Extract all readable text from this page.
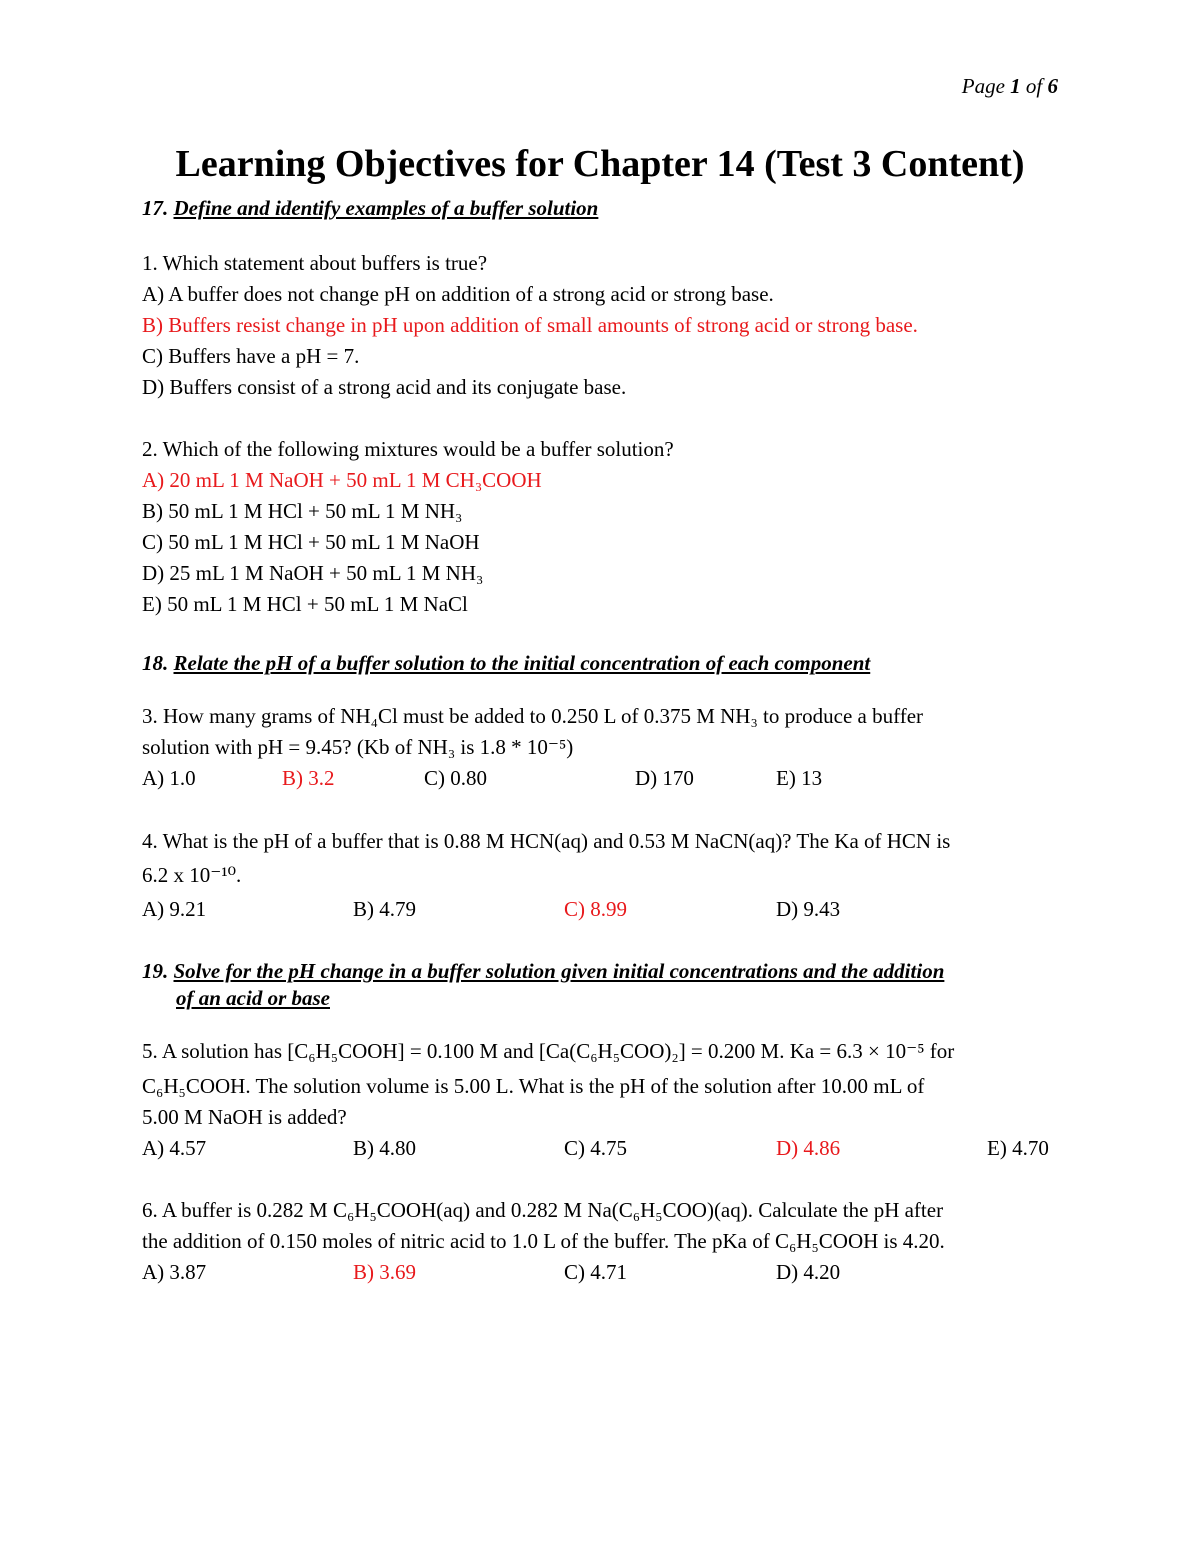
Page 1 of 6
Learning Objectives for Chapter 14 (Test 3 Content)
17. Define and identify examples of a buffer solution
1. Which statement about buffers is true?
A) A buffer does not change pH on addition of a strong acid or strong base.
B) Buffers resist change in pH upon addition of small amounts of strong acid or strong base.
C) Buffers have a pH = 7.
D) Buffers consist of a strong acid and its conjugate base.
2. Which of the following mixtures would be a buffer solution?
A) 20 mL 1 M NaOH + 50 mL 1 M CH₃COOH
B) 50 mL 1 M HCl + 50 mL 1 M NH₃
C) 50 mL 1 M HCl + 50 mL 1 M NaOH
D) 25 mL 1 M NaOH + 50 mL 1 M NH₃
E) 50 mL 1 M HCl + 50 mL 1 M NaCl
18. Relate the pH of a buffer solution to the initial concentration of each component
3. How many grams of NH₄Cl must be added to 0.250 L of 0.375 M NH₃ to produce a buffer
solution with pH = 9.45? (Kb of NH₃ is 1.8 * 10⁻⁵)
A) 1.0	B) 3.2	C) 0.80	D) 170	E) 13
4. What is the pH of a buffer that is 0.88 M HCN(aq) and 0.53 M NaCN(aq)? The Ka of HCN is
6.2 x 10⁻¹⁰.
A) 9.21	B) 4.79	C) 8.99	D) 9.43
19. Solve for the pH change in a buffer solution given initial concentrations and the addition
of an acid or base
5. A solution has [C₆H₅COOH] = 0.100 M and [Ca(C₆H₅COO)₂] = 0.200 M. Ka = 6.3 × 10⁻⁵ for
C₆H₅COOH. The solution volume is 5.00 L. What is the pH of the solution after 10.00 mL of
5.00 M NaOH is added?
A) 4.57	B) 4.80	C) 4.75	D) 4.86	E) 4.70
6. A buffer is 0.282 M C₆H₅COOH(aq) and 0.282 M Na(C₆H₅COO)(aq). Calculate the pH after
the addition of 0.150 moles of nitric acid to 1.0 L of the buffer. The pKa of C₆H₅COOH is 4.20.
A) 3.87	B) 3.69	C) 4.71	D) 4.20
